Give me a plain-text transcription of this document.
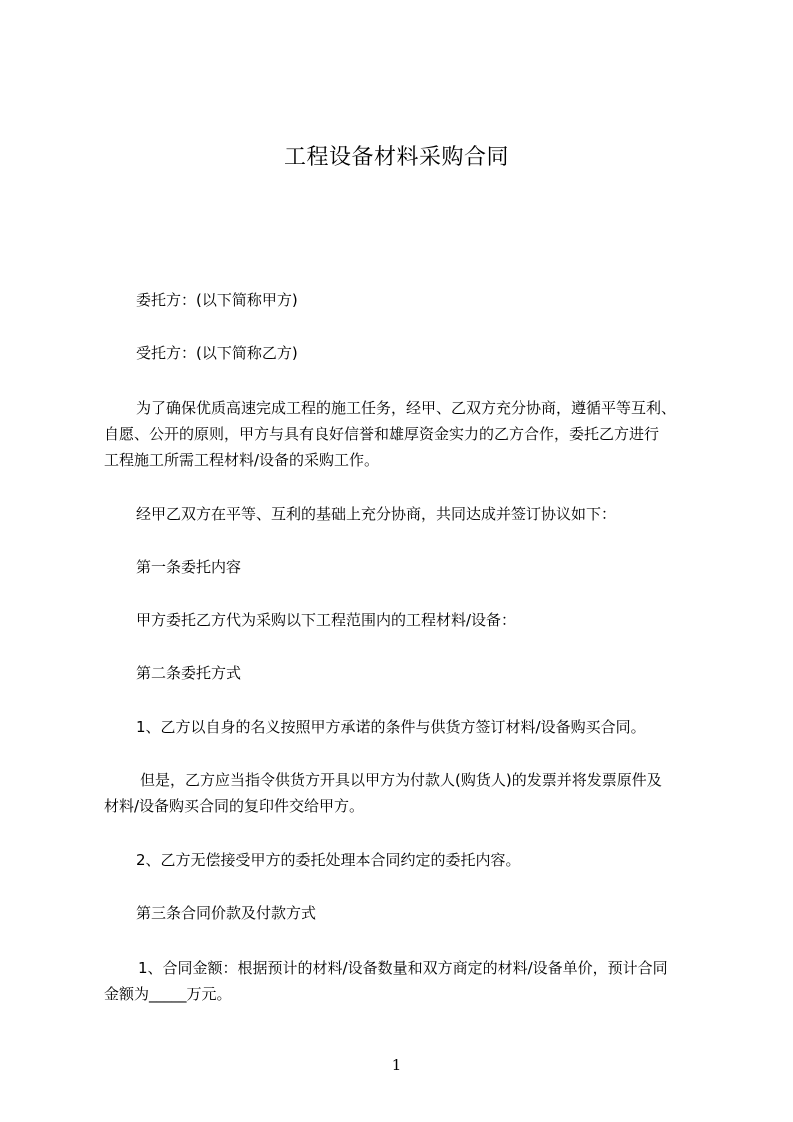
工程设备材料采购合同

委托方：(以下简称甲方)

受托方：(以下简称乙方)

为了确保优质高速完成工程的施工任务，经甲、乙双方充分协商，遵循平等互利、
自愿、公开的原则，甲方与具有良好信誉和雄厚资金实力的乙方合作，委托乙方进行
工程施工所需工程材料/设备的采购工作。

经甲乙双方在平等、互利的基础上充分协商，共同达成并签订协议如下：

第一条委托内容

甲方委托乙方代为采购以下工程范围内的工程材料/设备：

第二条委托方式

1、乙方以自身的名义按照甲方承诺的条件与供货方签订材料/设备购买合同。

但是，乙方应当指令供货方开具以甲方为付款人(购货人)的发票并将发票原件及
材料/设备购买合同的复印件交给甲方。

2、乙方无偿接受甲方的委托处理本合同约定的委托内容。

第三条合同价款及付款方式

1、合同金额：根据预计的材料/设备数量和双方商定的材料/设备单价，预计合同
金额为_____万元。

1
